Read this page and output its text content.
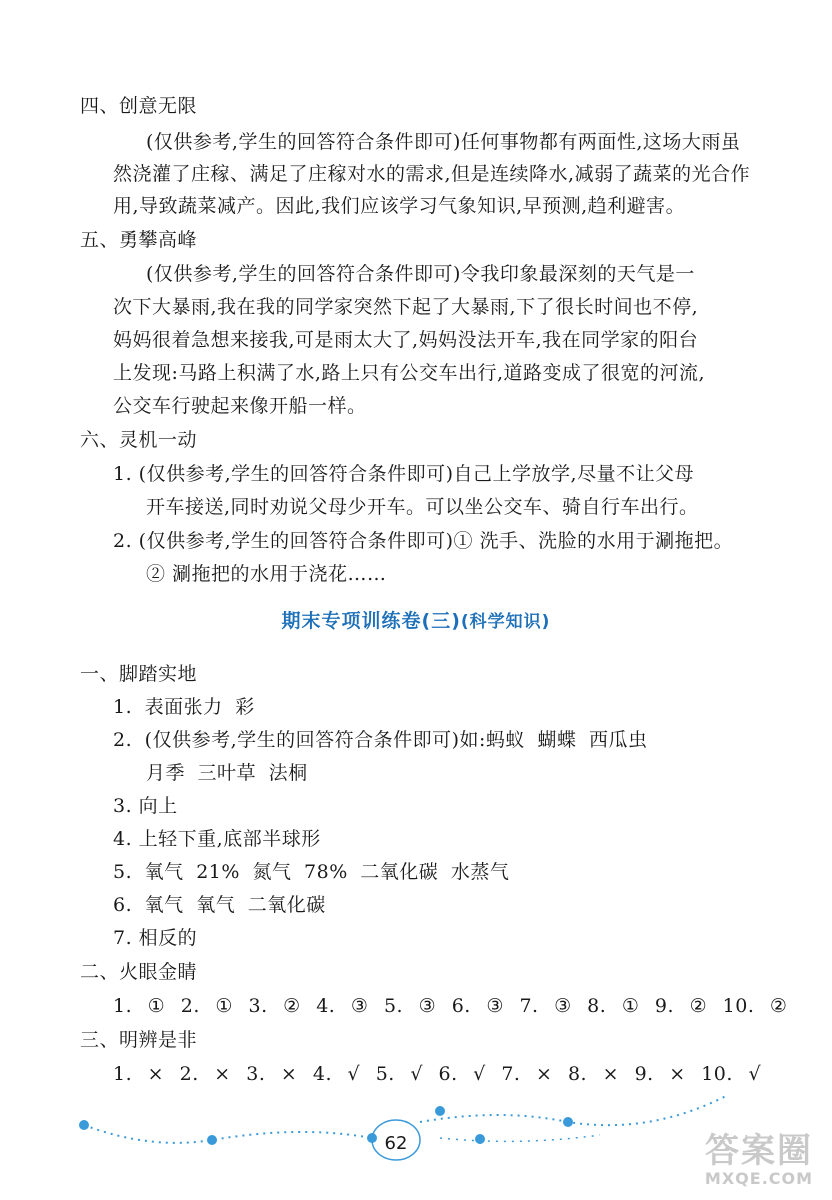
四、创意无限
(仅供参考,学生的回答符合条件即可)任何事物都有两面性,这场大雨虽
然浇灌了庄稼、满足了庄稼对水的需求,但是连续降水,减弱了蔬菜的光合作
用,导致蔬菜减产。因此,我们应该学习气象知识,早预测,趋利避害。
五、勇攀高峰
(仅供参考,学生的回答符合条件即可)令我印象最深刻的天气是一
次下大暴雨,我在我的同学家突然下起了大暴雨,下了很长时间也不停,
妈妈很着急想来接我,可是雨太大了,妈妈没法开车,我在同学家的阳台
上发现:马路上积满了水,路上只有公交车出行,道路变成了很宽的河流,
公交车行驶起来像开船一样。
六、灵机一动
1. (仅供参考,学生的回答符合条件即可)自己上学放学,尽量不让父母
开车接送,同时劝说父母少开车。可以坐公交车、骑自行车出行。
2. (仅供参考,学生的回答符合条件即可)① 洗手、洗脸的水用于涮拖把。
② 涮拖把的水用于浇花……
期末专项训练卷(三)(科学知识)
一、脚踏实地
1. 表面张力 彩
2. (仅供参考,学生的回答符合条件即可)如:蚂蚁 蝴蝶 西瓜虫
月季 三叶草 法桐
3. 向上
4. 上轻下重,底部半球形
5. 氧气 21% 氮气 78% 二氧化碳 水蒸气
6. 氧气 氧气 二氧化碳
7. 相反的
二、火眼金睛
1. ① 2. ① 3. ② 4. ③ 5. ③ 6. ③ 7. ③ 8. ① 9. ② 10. ②
三、明辨是非
1. × 2. × 3. × 4. √ 5. √ 6. √ 7. × 8. × 9. × 10. √
62	答案圈
MXQE.COM
